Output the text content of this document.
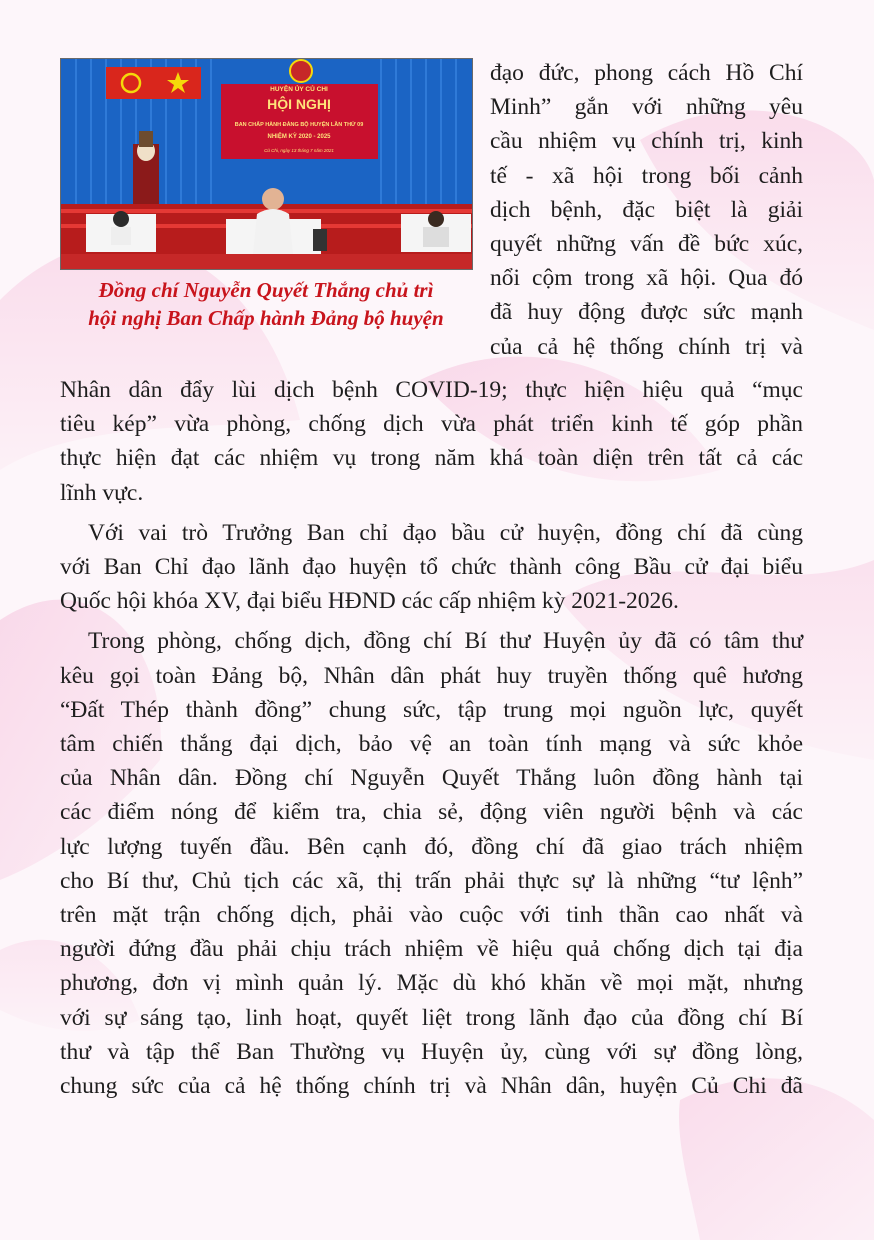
HUYỆN ỦY CỦ CHI
HỘI NGHỊ
BAN CHẤP HÀNH ĐẢNG BỘ HUYỆN LẦN THỨ 09
NHIỆM KỲ 2020 - 2025
Củ Chi, ngày 13 tháng 7 năm 2021
Đồng chí Nguyễn Quyết Thắng chủ trì
hội nghị Ban Chấp hành Đảng bộ huyện
đạo đức, phong cách Hồ Chí
Minh” gắn với những yêu
cầu nhiệm vụ chính trị, kinh
tế - xã hội trong bối cảnh
dịch bệnh, đặc biệt là giải
quyết những vấn đề bức xúc,
nổi cộm trong xã hội. Qua đó
đã huy động được sức mạnh
của cả hệ thống chính trị và
Nhân dân đẩy lùi dịch bệnh COVID-19; thực hiện hiệu quả “mục
tiêu kép” vừa phòng, chống dịch vừa phát triển kinh tế góp phần
thực hiện đạt các nhiệm vụ trong năm khá toàn diện trên tất cả các
lĩnh vực.
Với vai trò Trưởng Ban chỉ đạo bầu cử huyện, đồng chí đã cùng
với Ban Chỉ đạo lãnh đạo huyện tổ chức thành công Bầu cử đại biểu
Quốc hội khóa XV, đại biểu HĐND các cấp nhiệm kỳ 2021-2026.
Trong phòng, chống dịch, đồng chí Bí thư Huyện ủy đã có tâm thư
kêu gọi toàn Đảng bộ, Nhân dân phát huy truyền thống quê hương
“Đất Thép thành đồng” chung sức, tập trung mọi nguồn lực, quyết
tâm chiến thắng đại dịch, bảo vệ an toàn tính mạng và sức khỏe
của Nhân dân. Đồng chí Nguyễn Quyết Thắng luôn đồng hành tại
các điểm nóng để kiểm tra, chia sẻ, động viên người bệnh và các
lực lượng tuyến đầu. Bên cạnh đó, đồng chí đã giao trách nhiệm
cho Bí thư, Chủ tịch các xã, thị trấn phải thực sự là những “tư lệnh”
trên mặt trận chống dịch, phải vào cuộc với tinh thần cao nhất và
người đứng đầu phải chịu trách nhiệm về hiệu quả chống dịch tại địa
phương, đơn vị mình quản lý. Mặc dù khó khăn về mọi mặt, nhưng
với sự sáng tạo, linh hoạt, quyết liệt trong lãnh đạo của đồng chí Bí
thư và tập thể Ban Thường vụ Huyện ủy, cùng với sự đồng lòng,
chung sức của cả hệ thống chính trị và Nhân dân, huyện Củ Chi đã
